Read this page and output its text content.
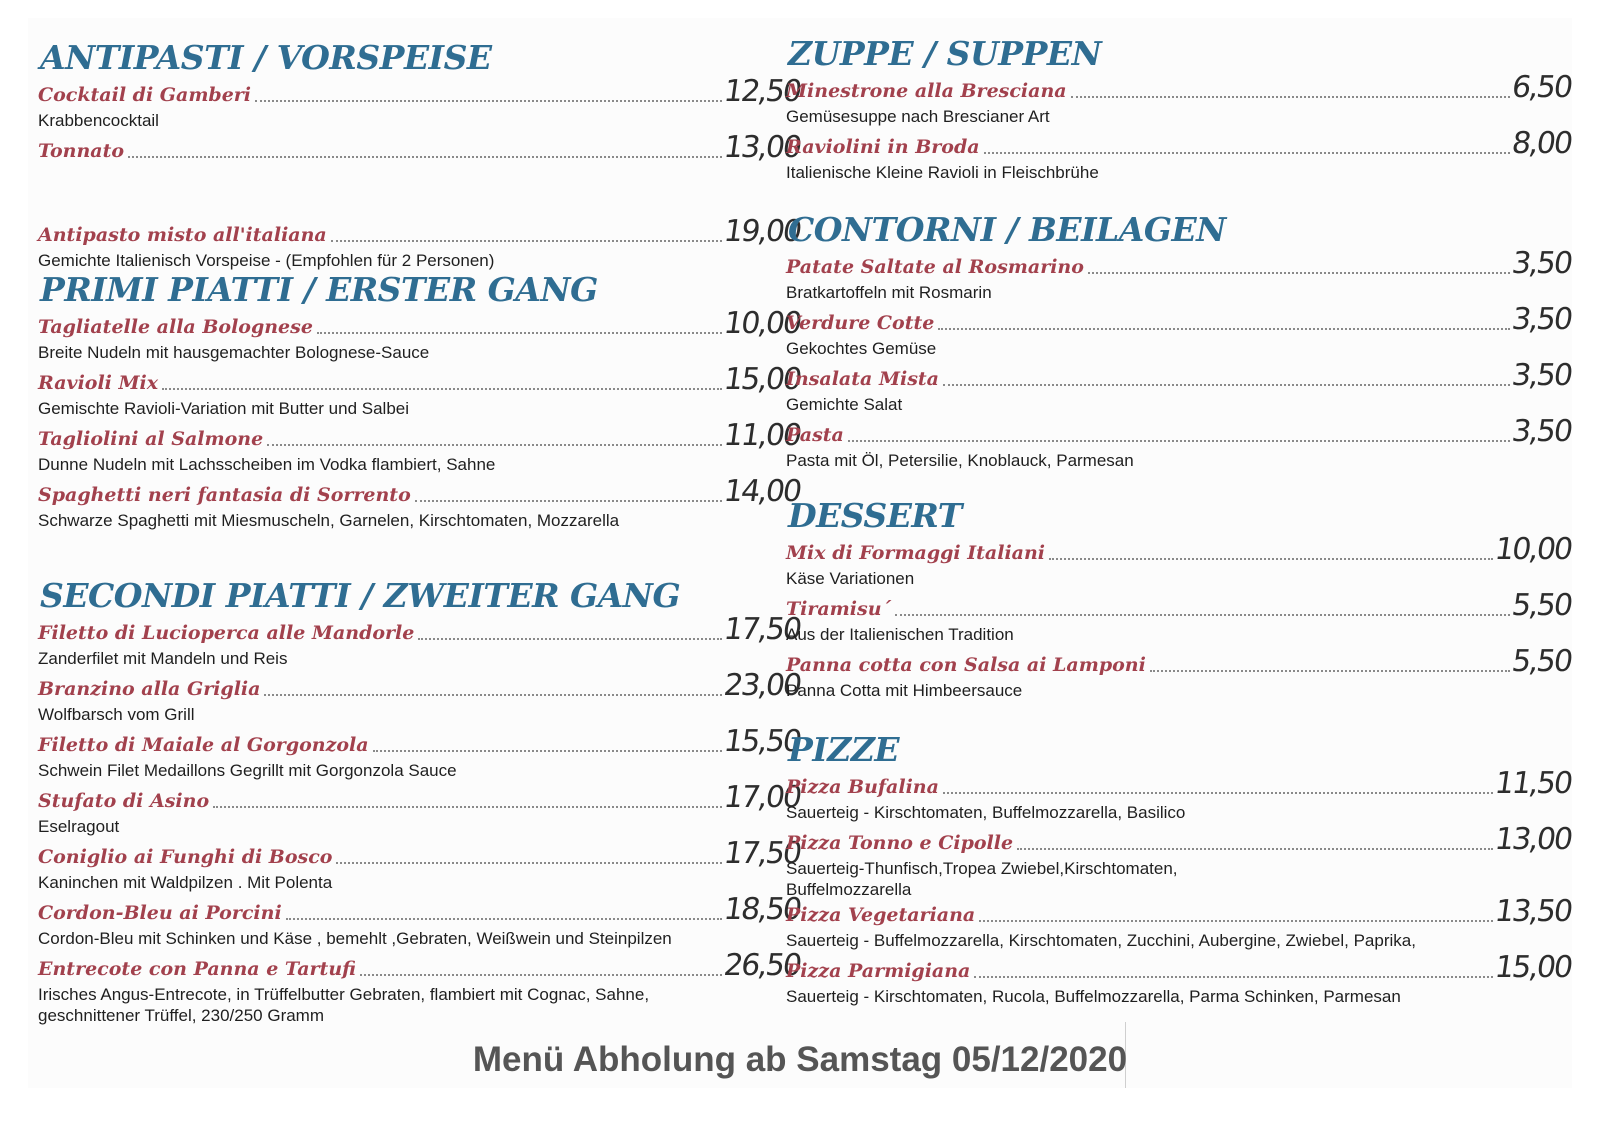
ANTIPASTI / VORSPEISE
Cocktail di Gamberi	12,50
Krabbencocktail
Tonnato	13,00
Antipasto misto all'italiana	19,00
Gemichte Italienisch Vorspeise - (Empfohlen für 2 Personen)
PRIMI PIATTI / ERSTER GANG
Tagliatelle alla Bolognese	10,00
Breite Nudeln mit hausgemachter Bolognese-Sauce
Ravioli Mix	15,00
Gemischte Ravioli-Variation mit Butter und Salbei
Tagliolini al Salmone	11,00
Dunne Nudeln mit Lachsscheiben im Vodka flambiert, Sahne
Spaghetti neri fantasia di Sorrento	14,00
Schwarze Spaghetti mit Miesmuscheln, Garnelen, Kirschtomaten, Mozzarella
SECONDI PIATTI / ZWEITER GANG
Filetto di Lucioperca alle Mandorle	17,50
Zanderfilet mit Mandeln und Reis
Branzino alla Griglia	23,00
Wolfbarsch vom Grill
Filetto di Maiale al Gorgonzola	15,50
Schwein Filet Medaillons Gegrillt mit Gorgonzola Sauce
Stufato di Asino	17,00
Eselragout
Coniglio ai Funghi di Bosco	17,50
Kaninchen mit Waldpilzen . Mit Polenta
Cordon-Bleu ai Porcini	18,50
Cordon-Bleu mit Schinken und Käse , bemehlt ,Gebraten, Weißwein und Steinpilzen
Entrecote con Panna e Tartufi	26,50
Irisches Angus-Entrecote, in Trüffelbutter Gebraten, flambiert mit Cognac, Sahne, geschnittener Trüffel, 230/250 Gramm
ZUPPE / SUPPEN
Minestrone alla Bresciana	6,50
Gemüsesuppe nach Brescianer Art
Raviolini in Broda	8,00
Italienische Kleine Ravioli in Fleischbrühe
CONTORNI / BEILAGEN
Patate Saltate al Rosmarino	3,50
Bratkartoffeln mit Rosmarin
Verdure Cotte	3,50
Gekochtes Gemüse
Insalata Mista	3,50
Gemichte Salat
Pasta	3,50
Pasta mit Öl, Petersilie, Knoblauck, Parmesan
DESSERT
Mix di Formaggi Italiani	10,00
Käse Variationen
Tiramisu´	5,50
Aus der Italienischen Tradition
Panna cotta con Salsa ai Lamponi	5,50
Panna Cotta mit Himbeersauce
PIZZE
Pizza Bufalina	11,50
Sauerteig - Kirschtomaten, Buffelmozzarella, Basilico
Pizza Tonno e Cipolle	13,00
Sauerteig-Thunfisch,Tropea Zwiebel,Kirschtomaten, Buffelmozzarella
Pizza Vegetariana	13,50
Sauerteig - Buffelmozzarella, Kirschtomaten, Zucchini, Aubergine, Zwiebel, Paprika,
Pizza Parmigiana	15,00
Sauerteig - Kirschtomaten, Rucola, Buffelmozzarella, Parma Schinken, Parmesan
Menü Abholung ab Samstag 05/12/2020
